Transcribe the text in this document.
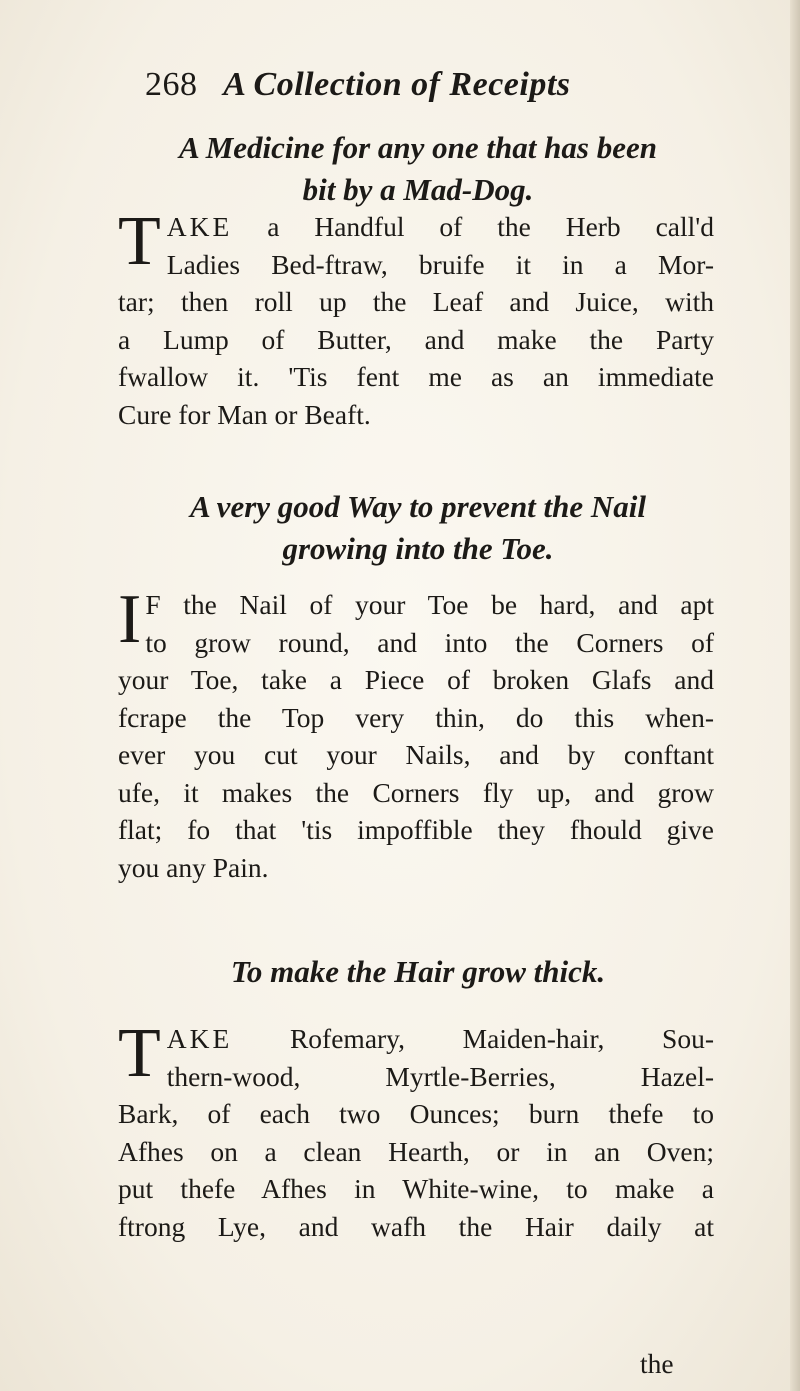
268 A Collection of Receipts
A Medicine for any one that has been
bit by a Mad-Dog.
T AKE a Handful of the Herb call'd
Ladies Bed-ftraw, bruife it in a Mor-
tar; then roll up the Leaf and Juice, with
a Lump of Butter, and make the Party
fwallow it. 'Tis fent me as an immediate
Cure for Man or Beaft.
A very good Way to prevent the Nail
growing into the Toe.
I F the Nail of your Toe be hard, and apt
to grow round, and into the Corners of
your Toe, take a Piece of broken Glafs and
fcrape the Top very thin, do this when-
ever you cut your Nails, and by conftant
ufe, it makes the Corners fly up, and grow
flat; fo that 'tis impoffible they fhould give
you any Pain.
To make the Hair grow thick.
T AKE Rofemary, Maiden-hair, Sou-
thern-wood, Myrtle-Berries, Hazel-
Bark, of each two Ounces; burn thefe to
Afhes on a clean Hearth, or in an Oven;
put thefe Afhes in White-wine, to make a
ftrong Lye, and wafh the Hair daily at
the
